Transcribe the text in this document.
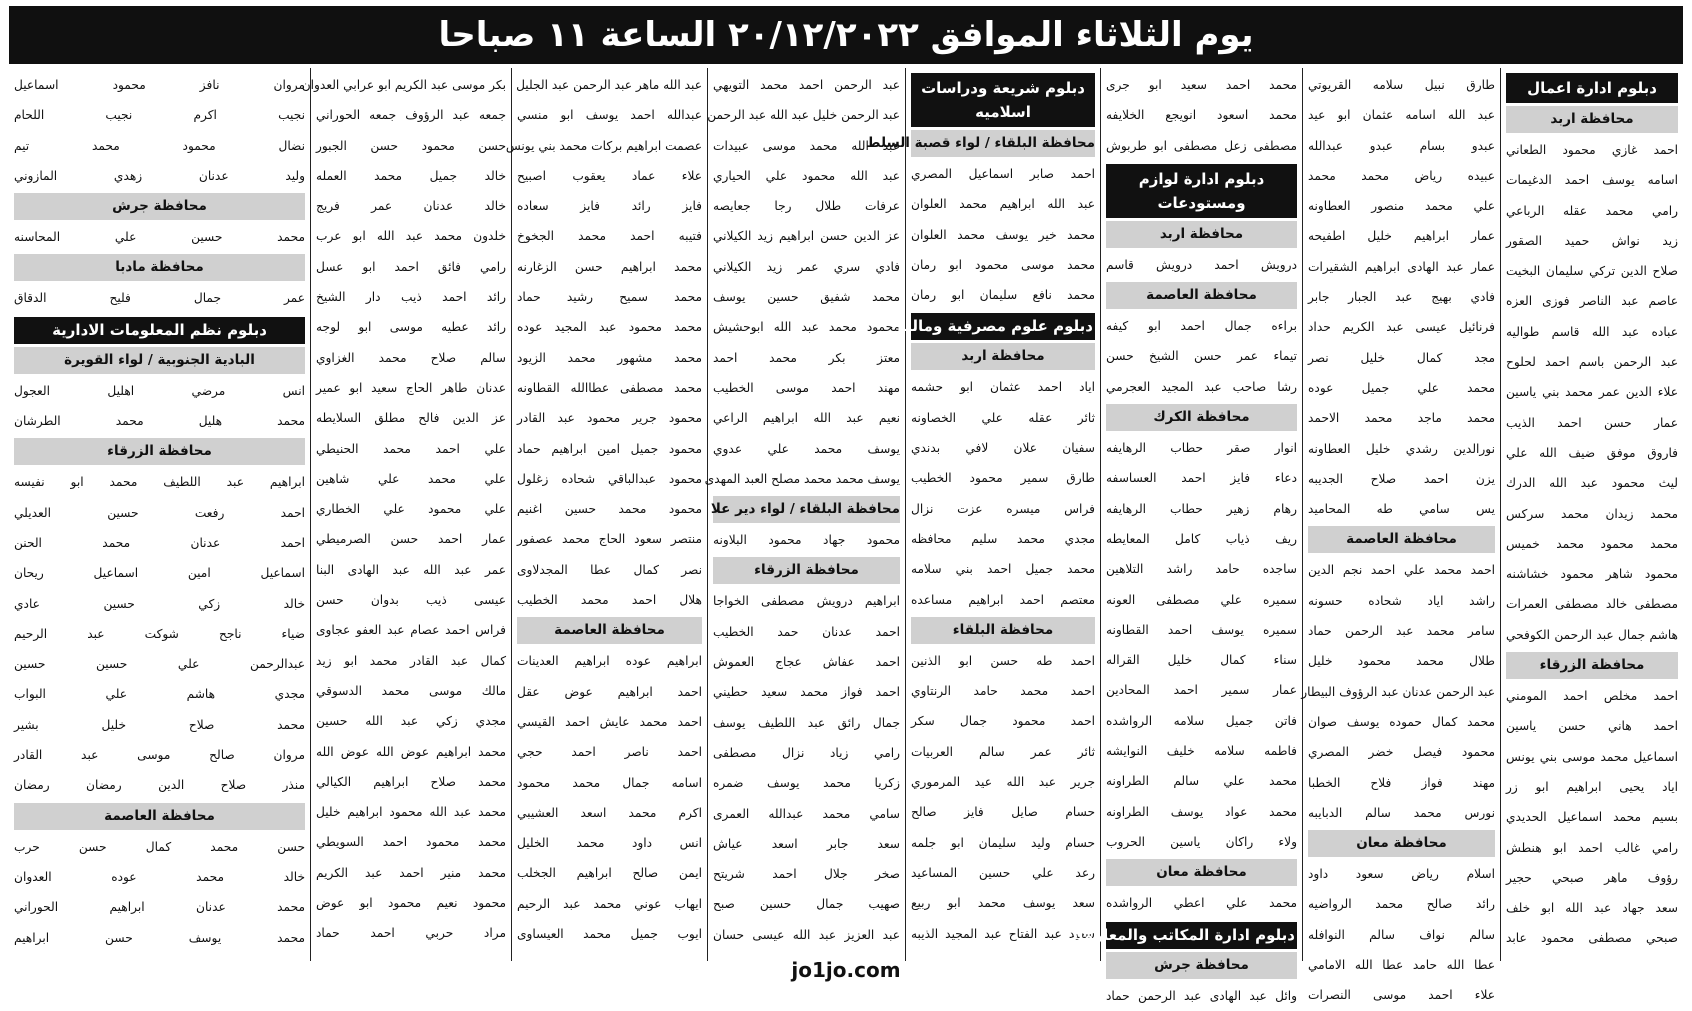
يوم الثلاثاء الموافق ٢٠/١٢/٢٠٢٢ الساعة ١١ صباحا
دبلوم ادارة اعمال
محافظة اربد
احمد غازي محمود الطعاني
اسامه يوسف احمد الدغيمات
رامي محمد عقله الرباعي
زيد نواش حميد الصقور
صلاح الدين تركي سليمان البخيت
عاصم عبد الناصر فوزى العزه
عباده عبد الله قاسم طواليه
عبد الرحمن باسم احمد لحلوح
علاء الدين عمر محمد بني ياسين
عمار حسن احمد الذيب
فاروق موفق ضيف الله علي
ليث محمود عبد الله الدرك
محمد زيدان محمد سركس
محمد محمود محمد خميس
محمود شاهر محمود خشاشنه
مصطفى خالد مصطفى العمرات
هاشم جمال عبد الرحمن الكوفحي
محافظة الزرقاء
احمد مخلص احمد المومني
احمد هاني حسن ياسين
اسماعيل محمد موسى بني يونس
اياد يحيى ابراهيم ابو زر
بسيم محمد اسماعيل الحديدي
رامي غالب احمد ابو هنطش
رؤوف ماهر صبحي حجير
سعد جهاد عبد الله ابو خلف
صبحي مصطفى محمود عابد
طارق نبيل سلامه القريوتي
عبد الله اسامه عثمان ابو عيد
عبدو بسام عبدو عبدالله
عبيده رياض محمد محمد
علي محمد منصور العطاونه
عمار ابراهيم خليل اطفيحه
عمار عبد الهادى ابراهيم الشقيرات
فادي بهيج عبد الجبار جابر
فرنائيل عيسى عبد الكريم حداد
مجد كمال خليل نصر
محمد علي جميل عوده
محمد ماجد محمد الاحمد
نورالدين رشدي خليل العطاونه
يزن احمد صلاح الجديبه
يس سامي طه المحاميد
محافظة العاصمة
احمد محمد علي احمد نجم الدين
راشد اياد شحاده حسونه
سامر محمد عبد الرحمن حماد
طلال محمد محمود خليل
عبد الرحمن عدنان عبد الرؤوف البيطار
محمد كمال حموده يوسف صوان
محمود فيصل خضر المصري
مهند فواز فلاح الخطبا
نورس محمد سالم الدبايبه
محافظة معان
اسلام رياض سعود داود
رائد صالح محمد الرواضيه
سالم نواف سالم النوافله
عطا الله حامد عطا الله الامامي
علاء احمد موسى النصرات
محمد احمد سعيد ابو جرى
محمد اسعود انويجع الخلايفه
مصطفى زعل مصطفى ابو طربوش
دبلوم ادارة لوازم ومستودعات
محافظة اربد
درويش احمد درويش قاسم
محافظة العاصمة
براءه جمال احمد ابو كيفه
تيماء عمر حسن الشيخ حسن
رشا صاحب عبد المجيد العجرمي
محافظة الكرك
انوار صقر حطاب الرهايفه
دعاء فايز احمد العساسفه
رهام زهير حطاب الرهايفه
ريف ذياب كامل المعايطه
ساجده حامد راشد التلاهين
سميره علي مصطفى العونه
سميره يوسف احمد القطاونه
سناء كمال خليل القراله
عمار سمير احمد المحادين
فاتن جميل سلامه الرواشده
فاطمه سلامه خليف النوايشه
محمد علي سالم الطراونه
محمد عواد يوسف الطراونه
ولاء راكان ياسين الحروب
محافظة معان
محمد علي اعطي الرواشده
دبلوم ادارة المكاتب والمعلومات
محافظة جرش
وائل عبد الهادى عبد الرحمن حماد
دبلوم شريعة ودراسات اسلاميه
محافظة البلقاء / لواء قصبة السلط
احمد صابر اسماعيل المصري
عبد الله ابراهيم محمد العلوان
محمد خير يوسف محمد العلوان
محمد موسى محمود ابو رمان
محمد نافع سليمان ابو رمان
دبلوم علوم مصرفية ومالية
محافظة اربد
اياد احمد عثمان ابو حشمه
ثائر عقله علي الخصاونه
سفيان علان لافي بدندي
طارق سمير محمود الخطيب
فراس ميسره عزت نزال
مجدي محمد سليم محافظه
محمد جميل احمد بني سلامه
معتصم احمد ابراهيم مساعده
محافظة البلقاء
احمد طه حسن ابو الذنين
احمد محمد حامد الرنتاوي
احمد محمود جمال سكر
ثائر عمر سالم العربيات
جرير عبد الله عيد المرموري
حسام صايل فايز صالح
حسام وليد سليمان ابو جلمه
رعد علي حسين المساعيد
سعد يوسف محمد ابو ربيع
سعيد عبد الفتاح عبد المجيد الذيبه
عبد الرحمن احمد محمد التويهي
عبد الرحمن خليل عبد الله عبد الرحمن
عبد الله محمد موسى عبيدات
عبد الله محمود علي الحياري
عرفات طلال رجا جعايصه
عز الدين حسن ابراهيم زيد الكيلاني
فادي سري عمر زيد الكيلاني
محمد شفيق حسين يوسف
محمود محمد عبد الله ابوحشيش
معتز بكر محمد احمد
مهند احمد موسى الخطيب
نعيم عبد الله ابراهيم الراعي
يوسف محمد علي عدوي
يوسف محمد محمد مصلح العبد المهدى
محافظة البلقاء / لواء دير علا
محمود جهاد محمود البلاونه
محافظة الزرقاء
ابراهيم درويش مصطفى الخواجا
احمد عدنان حمد الخطيب
احمد عفاش عجاج العموش
احمد فواز محمد سعيد حطيني
جمال رائق عبد اللطيف يوسف
رامي زياد نزال مصطفى
زكريا محمد يوسف ضمره
سامي محمد عبدالله العمرى
سعد جابر اسعد عياش
صخر جلال احمد شريتح
صهيب جمال حسين صبح
عبد العزيز عبد الله عيسى حسان
عبد الله ماهر عبد الرحمن عبد الجليل
عبدالله احمد يوسف ابو منسي
عصمت ابراهيم بركات محمد بني يونس
علاء عماد يعقوب اصبيح
فايز رائد فايز سعاده
فتيبه احمد محمد الجخوخ
محمد ابراهيم حسن الزغارنه
محمد سميح رشيد حماد
محمد محمود عبد المجيد عوده
محمد مشهور محمد الزيود
محمد مصطفى عطاالله القطاونه
محمود جرير محمود عبد القادر
محمود جميل امين ابراهيم حماد
محمود عبدالباقي شحاده زغلول
محمود محمد حسين اغنيم
منتصر سعود الحاج محمد عصفور
نصر كمال عطا المجدلاوى
هلال احمد محمد الخطيب
محافظة العاصمة
ابراهيم عوده ابراهيم العدينات
احمد ابراهيم عوض عقل
احمد محمد عايش احمد القيسي
احمد ناصر احمد حجي
اسامه جمال محمد محمود
اكرم محمد اسعد العشيبي
انس داود محمد الخليل
ايمن صالح ابراهيم الجخلب
ايهاب عوني محمد عبد الرحيم
ايوب جميل محمد العيساوى
بكر موسى عبد الكريم ابو عرابي العدوان
جمعه عبد الرؤوف جمعه الحوراني
حسن محمود حسن الجبور
خالد جميل محمد العمله
خالد عدنان عمر فريج
خلدون محمد عبد الله ابو عرب
رامي فائق احمد ابو عسل
رائد احمد ذيب دار الشيخ
رائد عطيه موسى ابو لوجه
سالم صلاح محمد الغزاوي
عدنان طاهر الحاج سعيد ابو عمير
عز الدين فالح مطلق السلايطه
علي احمد محمد الحنيطي
علي محمد علي شاهين
علي محمود علي الخطاري
عمار احمد حسن الصرميطي
عمر عبد الله عبد الهادى البنا
عيسى ذيب بدوان حسن
فراس احمد عصام عبد العفو عجاوى
كمال عبد القادر محمد ابو زيد
مالك موسى محمد الدسوقي
مجدي زكي عبد الله حسين
محمد ابراهيم عوض الله عوض الله
محمد صلاح ابراهيم الكيالي
محمد عبد الله محمود ابراهيم خليل
محمد محمود احمد السويطي
محمد منير احمد عبد الكريم
محمود نعيم محمود ابو عوض
مراد حربي احمد حماد
مروان نافز محمود اسماعيل
نجيب اكرم نجيب اللحام
نضال محمود محمد تيم
وليد عدنان زهدي المازوني
محافظة جرش
محمد حسين علي المحاسنه
محافظة مادبا
عمر جمال فليح الدقاق
دبلوم نظم المعلومات الادارية
البادية الجنوبية / لواء القويرة
انس مرضي اهليل العجول
محمد هليل محمد الطرشان
محافظة الزرقاء
ابراهيم عبد اللطيف محمد ابو نفيسه
احمد رفعت حسين العديلي
احمد عدنان محمد الحنن
اسماعيل امين اسماعيل ريحان
خالد زكي حسين عادي
ضياء ناجح شوكت عبد الرحيم
عبدالرحمن علي حسين حسين
مجدي هاشم علي البواب
محمد صلاح خليل بشير
مروان صالح موسى عبد القادر
منذر صلاح الدين رمضان رمضان
محافظة العاصمة
حسن محمد كمال حسن حرب
خالد محمد عوده العدوان
محمد عدنان ابراهيم الحوراني
محمد يوسف حسن ابراهيم
jo1jo.com
